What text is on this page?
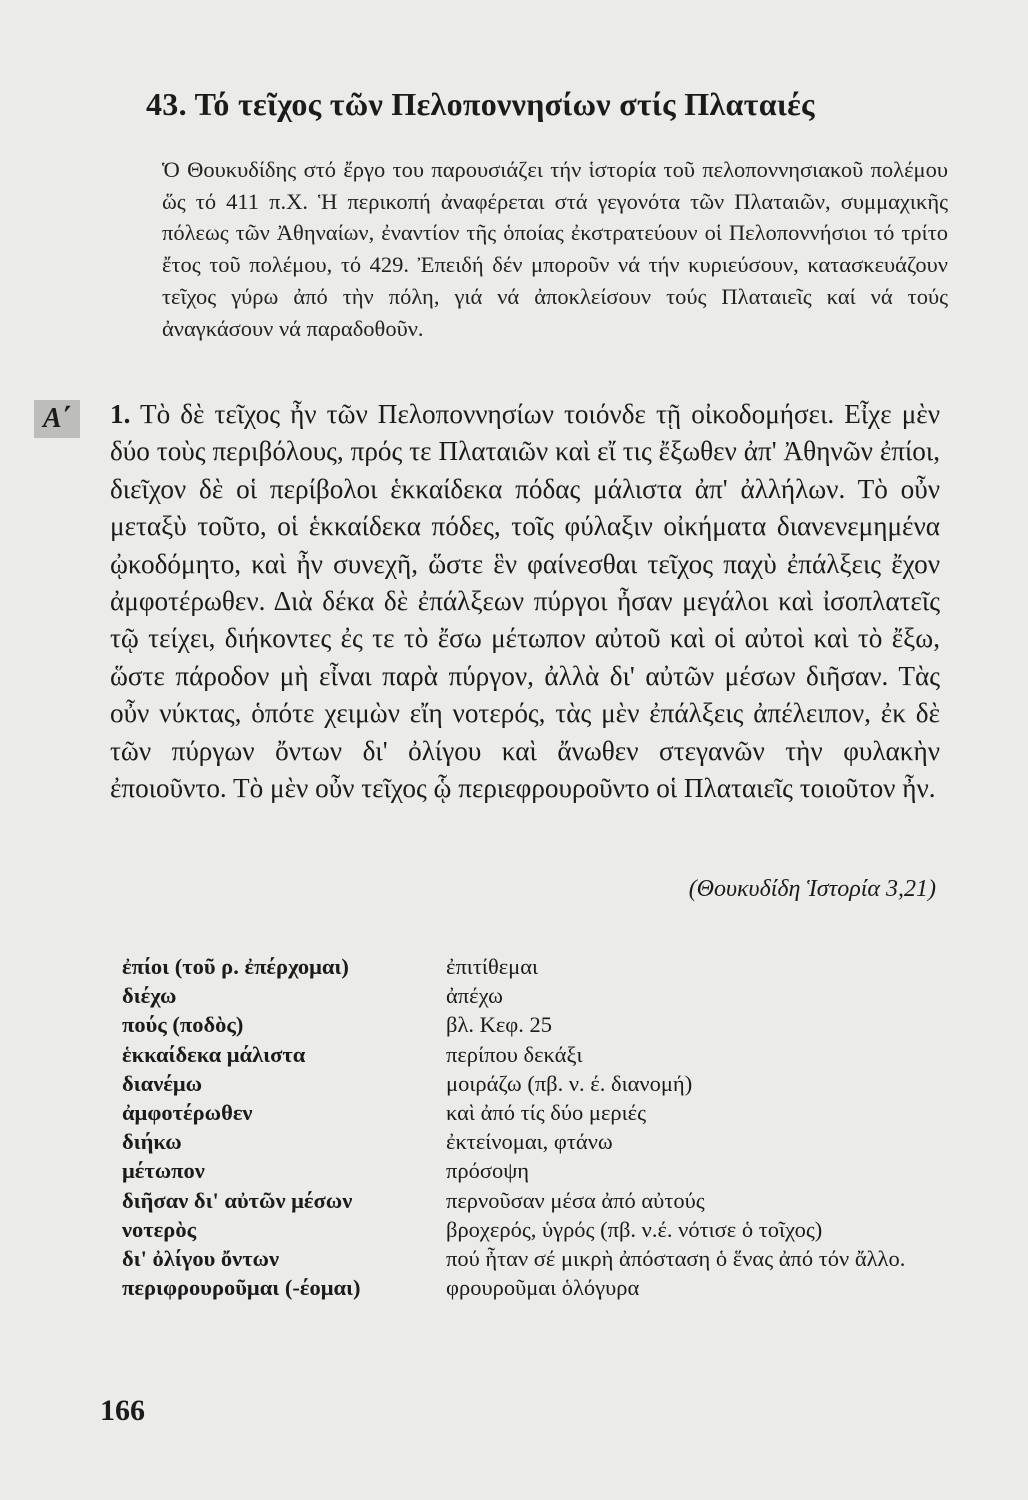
43. Τό τεῖχος τῶν Πελοποννησίων στίς Πλαταιές
Ὁ Θουκυδίδης στό ἔργο του παρουσιάζει τήν ἱστορία τοῦ πελοποννησιακοῦ πολέμου ὥς τό 411 π.Χ. Ἡ περικοπή ἀναφέρεται στά γεγονότα τῶν Πλαταιῶν, συμμαχικῆς πόλεως τῶν Ἀθηναίων, ἐναντίον τῆς ὁποίας ἐκστρατεύουν οἱ Πελοποννήσιοι τό τρίτο ἔτος τοῦ πολέμου, τό 429. Ἐπειδή δέν μποροῦν νά τήν κυριεύσουν, κατασκευάζουν τεῖχος γύρω ἀπό τὴν πόλη, γιά νά ἀποκλείσουν τούς Πλαταιεῖς καί νά τούς ἀναγκάσουν νά παραδοθοῦν.
Α΄	1. Τὸ δὲ τεῖχος ἦν τῶν Πελοποννησίων τοιόνδε τῇ οἰκοδομήσει. Εἶχε μὲν δύο τοὺς περιβόλους, πρός τε Πλαταιῶν καὶ εἴ τις ἔξωθεν ἀπ' Ἀθηνῶν ἐπίοι, διεῖχον δὲ οἱ περίβολοι ἑκκαίδεκα πόδας μάλιστα ἀπ' ἀλλήλων. Τὸ οὖν μεταξὺ τοῦτο, οἱ ἑκκαίδεκα πόδες, τοῖς φύλαξιν οἰκήματα διανενεμημένα ᾠκοδόμητο, καὶ ἦν συνεχῆ, ὥστε ἓν φαίνεσθαι τεῖχος παχὺ ἐπάλξεις ἔχον ἀμφοτέρωθεν. Διὰ δέκα δὲ ἐπάλξεων πύργοι ἦσαν μεγάλοι καὶ ἰσοπλατεῖς τῷ τείχει, διήκοντες ἐς τε τὸ ἔσω μέτωπον αὐτοῦ καὶ οἱ αὐτοὶ καὶ τὸ ἔξω, ὥστε πάροδον μὴ εἶναι παρὰ πύργον, ἀλλὰ δι' αὐτῶν μέσων διῆσαν. Τὰς οὖν νύκτας, ὁπότε χειμὼν εἴη νοτερός, τὰς μὲν ἐπάλξεις ἀπέλειπον, ἐκ δὲ τῶν πύργων ὄντων δι' ὀλίγου καὶ ἄνωθεν στεγανῶν τὴν φυλακὴν ἐποιοῦντο. Τὸ μὲν οὖν τεῖχος ᾧ περιεφρουροῦντο οἱ Πλαταιεῖς τοιοῦτον ἦν.
(Θουκυδίδη Ἱστορία 3,21)
ἐπίοι (τοῦ ρ. ἐπέρχομαι)	ἐπιτίθεμαι
διέχω	ἀπέχω
πούς (ποδὸς)	βλ. Κεφ. 25
ἑκκαίδεκα μάλιστα	περίπου δεκάξι
διανέμω	μοιράζω (πβ. ν. έ. διανομή)
ἀμφοτέρωθεν	καὶ ἀπό τίς δύο μεριές
διήκω	ἐκτείνομαι, φτάνω
μέτωπον	πρόσοψη
διῆσαν δι' αὐτῶν μέσων	περνοῦσαν μέσα ἀπό αὐτούς
νοτερὸς	βροχερός, ὑγρός (πβ. ν.έ. νότισε ὁ τοῖχος)
δι' ὀλίγου ὄντων	πού ἦταν σέ μικρὴ ἀπόσταση ὁ ἕνας ἀπό τόν ἄλλο.
περιφρουροῦμαι (-έομαι)	φρουροῦμαι ὁλόγυρα
166
